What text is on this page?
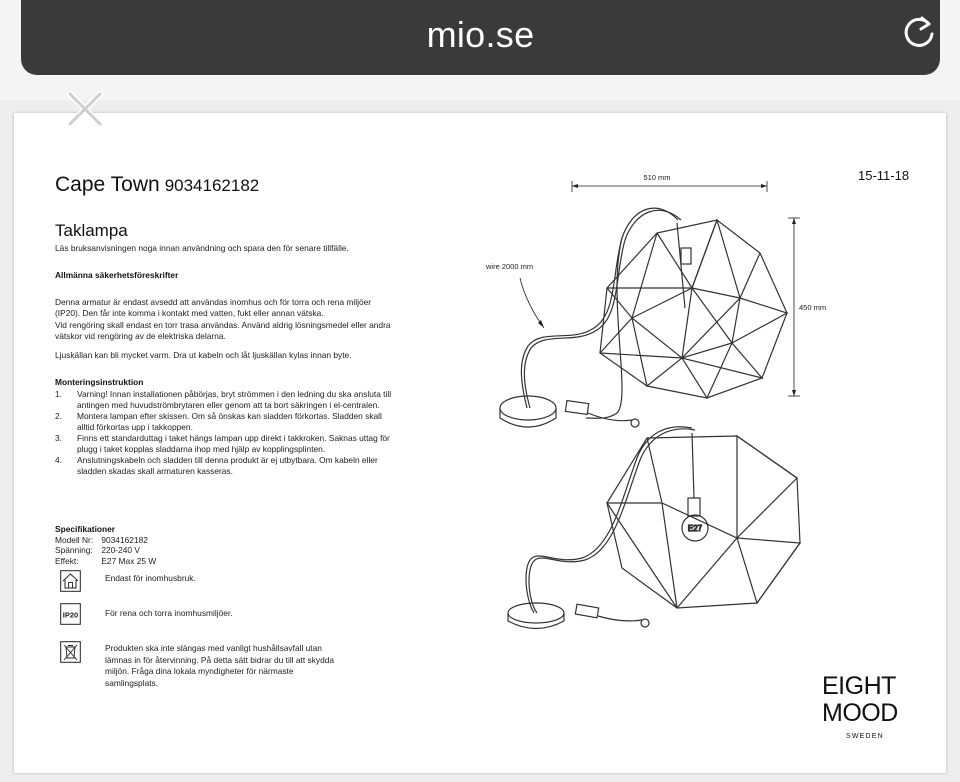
mio.se
Cape Town 9034162182
15-11-18
Taklampa
Läs bruksanvisningen noga innan användning och spara den för senare tillfälle.
Allmänna säkerhetsföreskrifter
Denna armatur är endast avsedd att användas inomhus och för torra och rena miljöer
(IP20). Den får inte komma i kontakt med vatten, fukt eller annan vätska.
Vid rengöring skall endast en torr trasa användas. Använd aldrig lösningsmedel eller andra
vätskor vid rengöring av de elektriska delarna.
Ljuskällan kan bli mycket varm. Dra ut kabeln och låt ljuskällan kylas innan byte.
Monteringsinstruktion
1. Varning! Innan installationen påbörjas, bryt strömmen i den ledning du ska ansluta till
antingen med huvudströmbrytaren eller genom att ta bort säkringen i el-centralen.
2. Montera lampan efter skissen. Om så önskas kan sladden förkortas. Sladden skall
alltid förkortas upp i takkoppen.
3. Finns ett standarduttag i taket hängs lampan upp direkt i takkroken. Saknas uttag för
plugg i taket kopplas sladdarna ihop med hjälp av kopplingsplinten.
4. Anslutningskabeln och sladden till denna produkt är ej utbytbara. Om kabeln eller
sladden skadas skall armaturen kasseras.
Specifikationer
Modell Nr: 9034162182
Spänning: 220-240 V
Effekt:	E27 Max 25 W
Endast för inomhusbruk.
IP20	För rena och torra inomhusmiljöer.
Produkten ska inte slängas med vanligt hushållsavfall utan
lämnas in för återvinning. På detta sätt bidrar du till att skydda
miljön. Fråga dina lokala myndigheter för närmaste
samlingsplats.
510 mm
450 mm
wire 2000 mm
E27
EIGHT
MOOD
SWEDEN
